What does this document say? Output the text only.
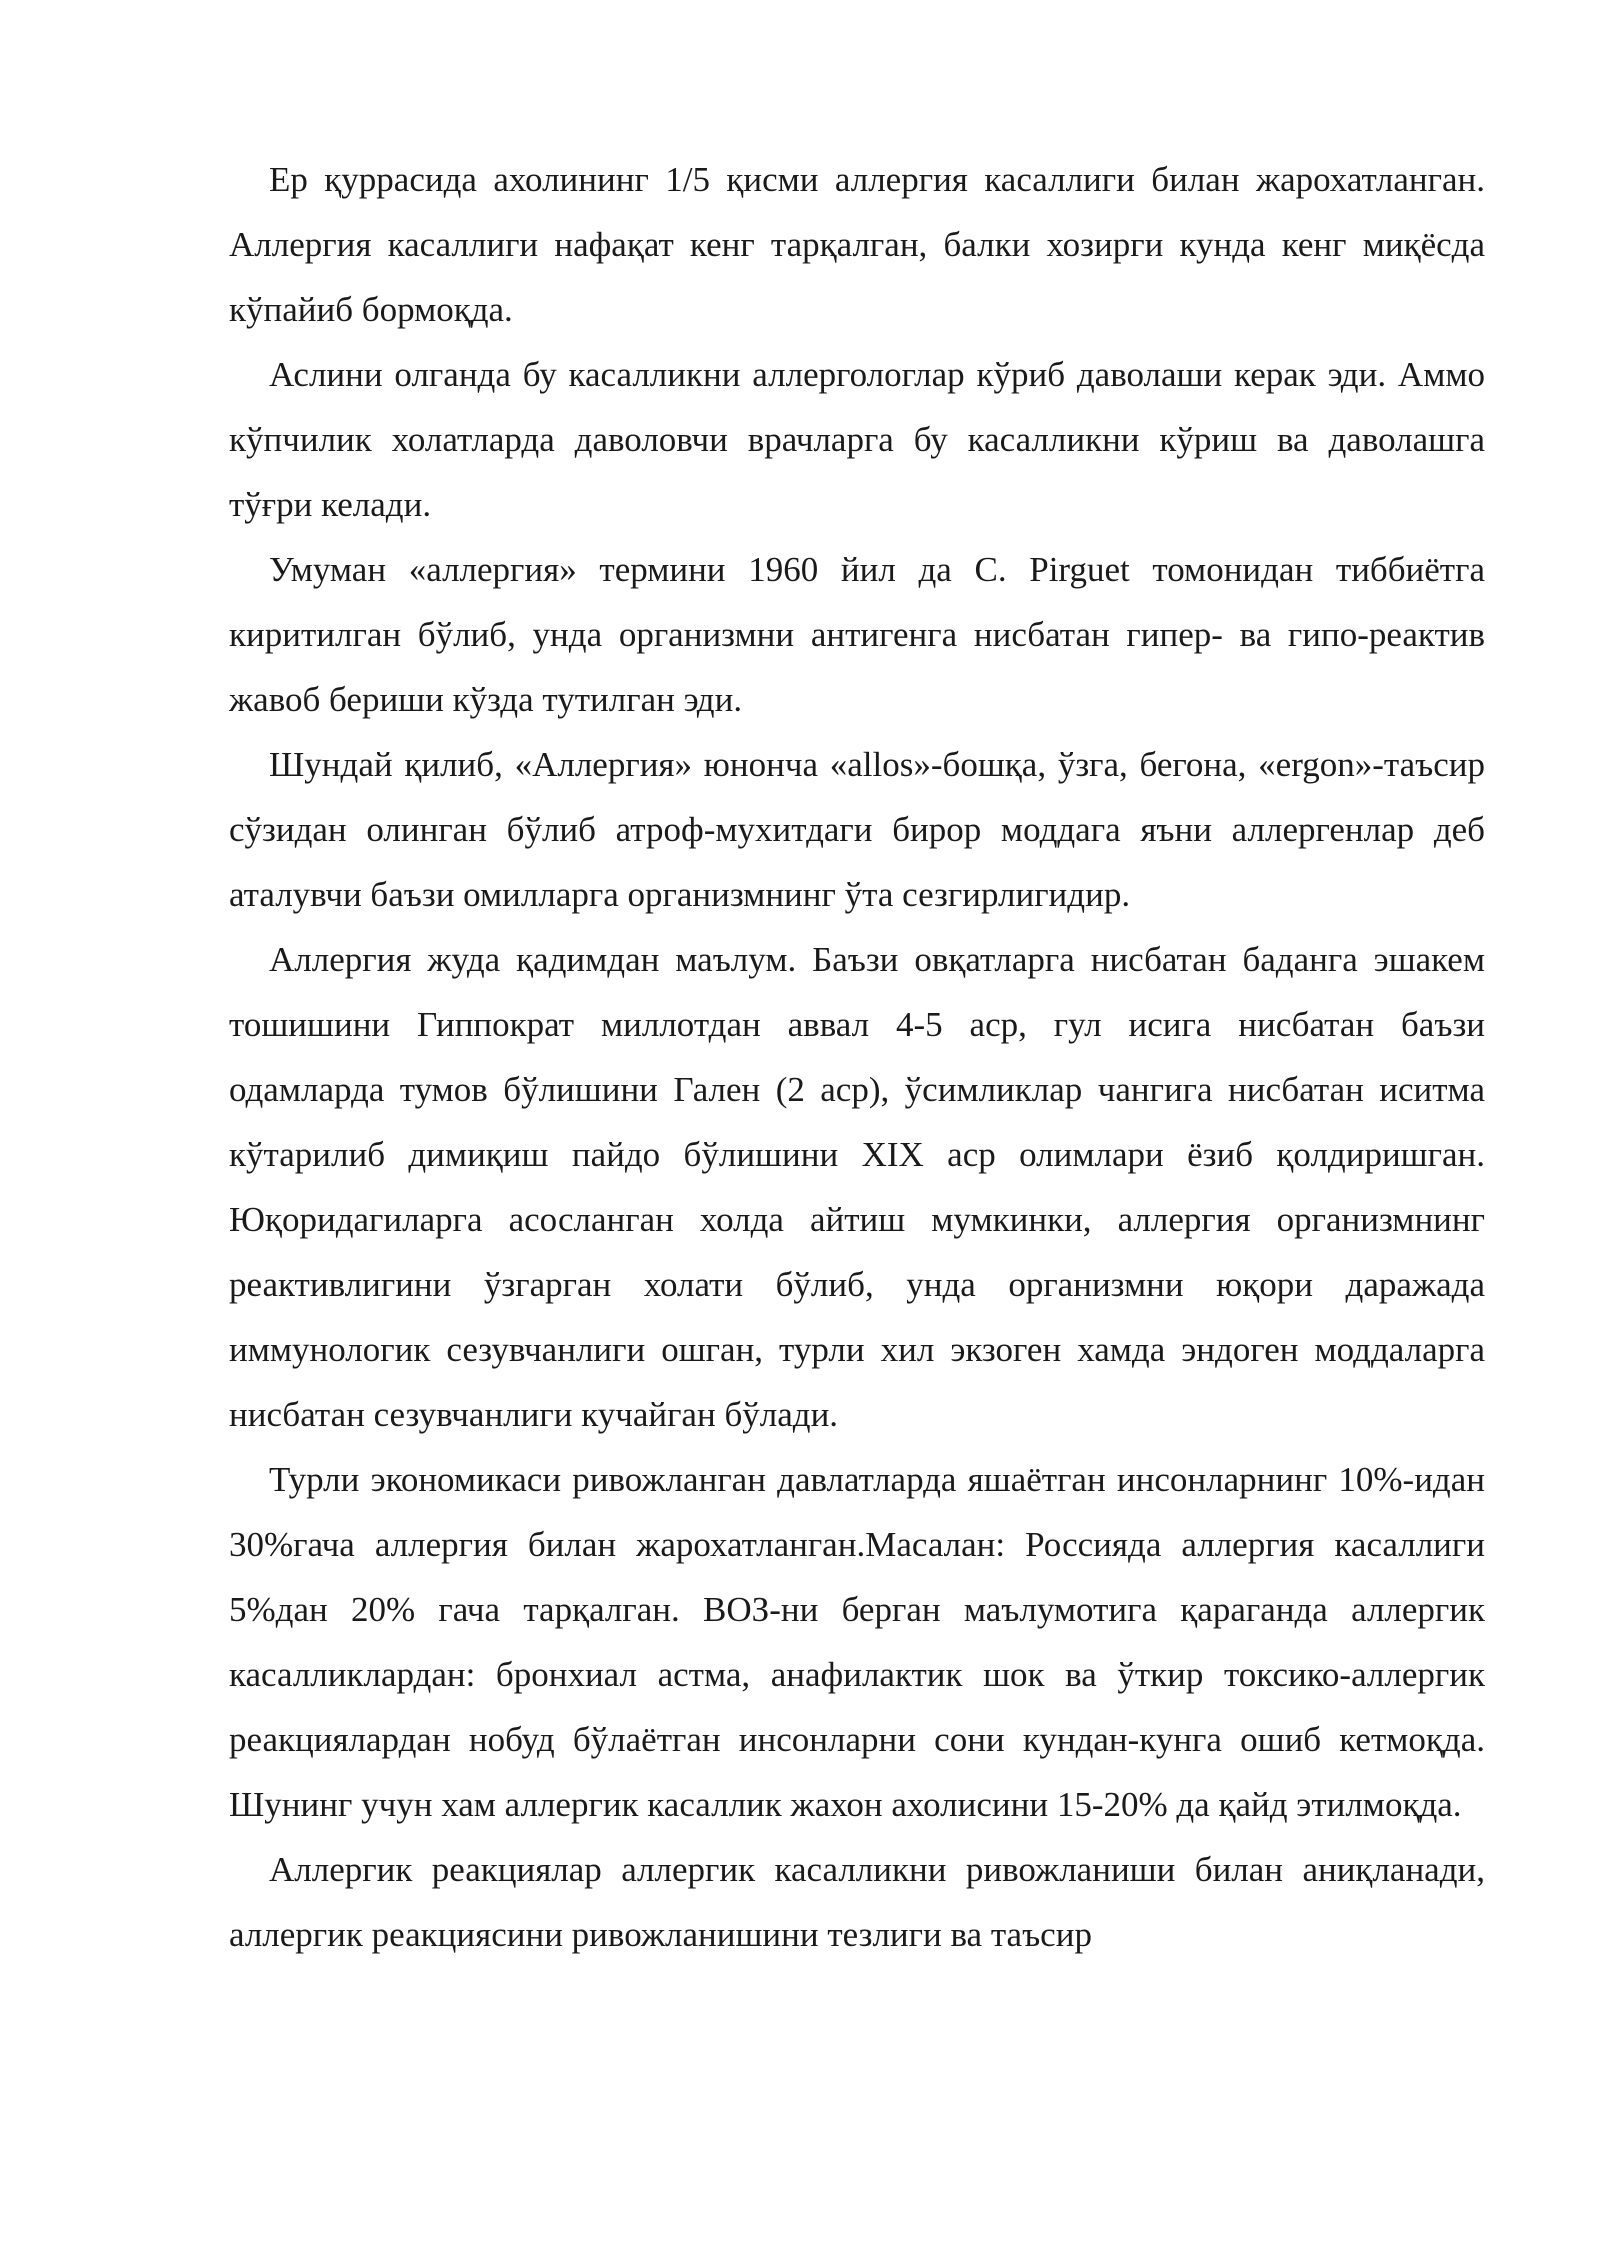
Ер қуррасида ахолининг 1/5 қисми аллергия касаллиги билан жарохатланган. Аллергия касаллиги нафақат кенг тарқалган, балки хозирги кунда кенг миқёсда кўпайиб бормоқда.

Аслини олганда бу касалликни аллергологлар кўриб даволаши керак эди. Аммо кўпчилик холатларда даволовчи врачларга бу касалликни кўриш ва даволашга тўғри келади.

Умуман «аллергия» термини 1960 йил да C. Pirguet томонидан тиббиётга киритилган бўлиб, унда организмни антигенга нисбатан гипер- ва гипо-реактив жавоб бериши кўзда тутилган эди.

Шундай қилиб, «Аллергия» юнонча «allos»-бошқа, ўзга, бегона, «ergon»-таъсир сўзидан олинган бўлиб атроф-мухитдаги бирор моддага яъни аллергенлар деб аталувчи баъзи омилларга организмнинг ўта сезгирлигидир.

Аллергия жуда қадимдан маълум. Баъзи овқатларга нисбатан баданга эшакем тошишини Гиппократ миллотдан аввал 4-5 аср, гул исига нисбатан баъзи одамларда тумов бўлишини Гален (2 аср), ўсимликлар чангига нисбатан иситма кўтарилиб димиқиш пайдо бўлишини XIX аср олимлари ёзиб қолдиришган. Юқоридагиларга асосланган холда айтиш мумкинки, аллергия организмнинг реактивлигини ўзгарган холати бўлиб, унда организмни юқори даражада иммунологик сезувчанлиги ошган, турли хил экзоген хамда эндоген моддаларга нисбатан сезувчанлиги кучайган бўлади.

Турли экономикаси ривожланган давлатларда яшаётган инсонларнинг 10%-идан 30%гача аллергия билан жарохатланган.Масалан: Россияда аллергия касаллиги 5%дан 20% гача тарқалган. ВОЗ-ни берган маълумотига қараганда аллергик касалликлардан: бронхиал астма, анафилактик шок ва ўткир токсико-аллергик реакциялардан нобуд бўлаётган инсонларни сони кундан-кунга ошиб кетмоқда. Шунинг учун хам аллергик касаллик жахон ахолисини 15-20% да қайд этилмоқда.

Аллергик реакциялар аллергик касалликни ривожланиши билан аниқланади, аллергик реакциясини ривожланишини тезлиги ва таъсир
